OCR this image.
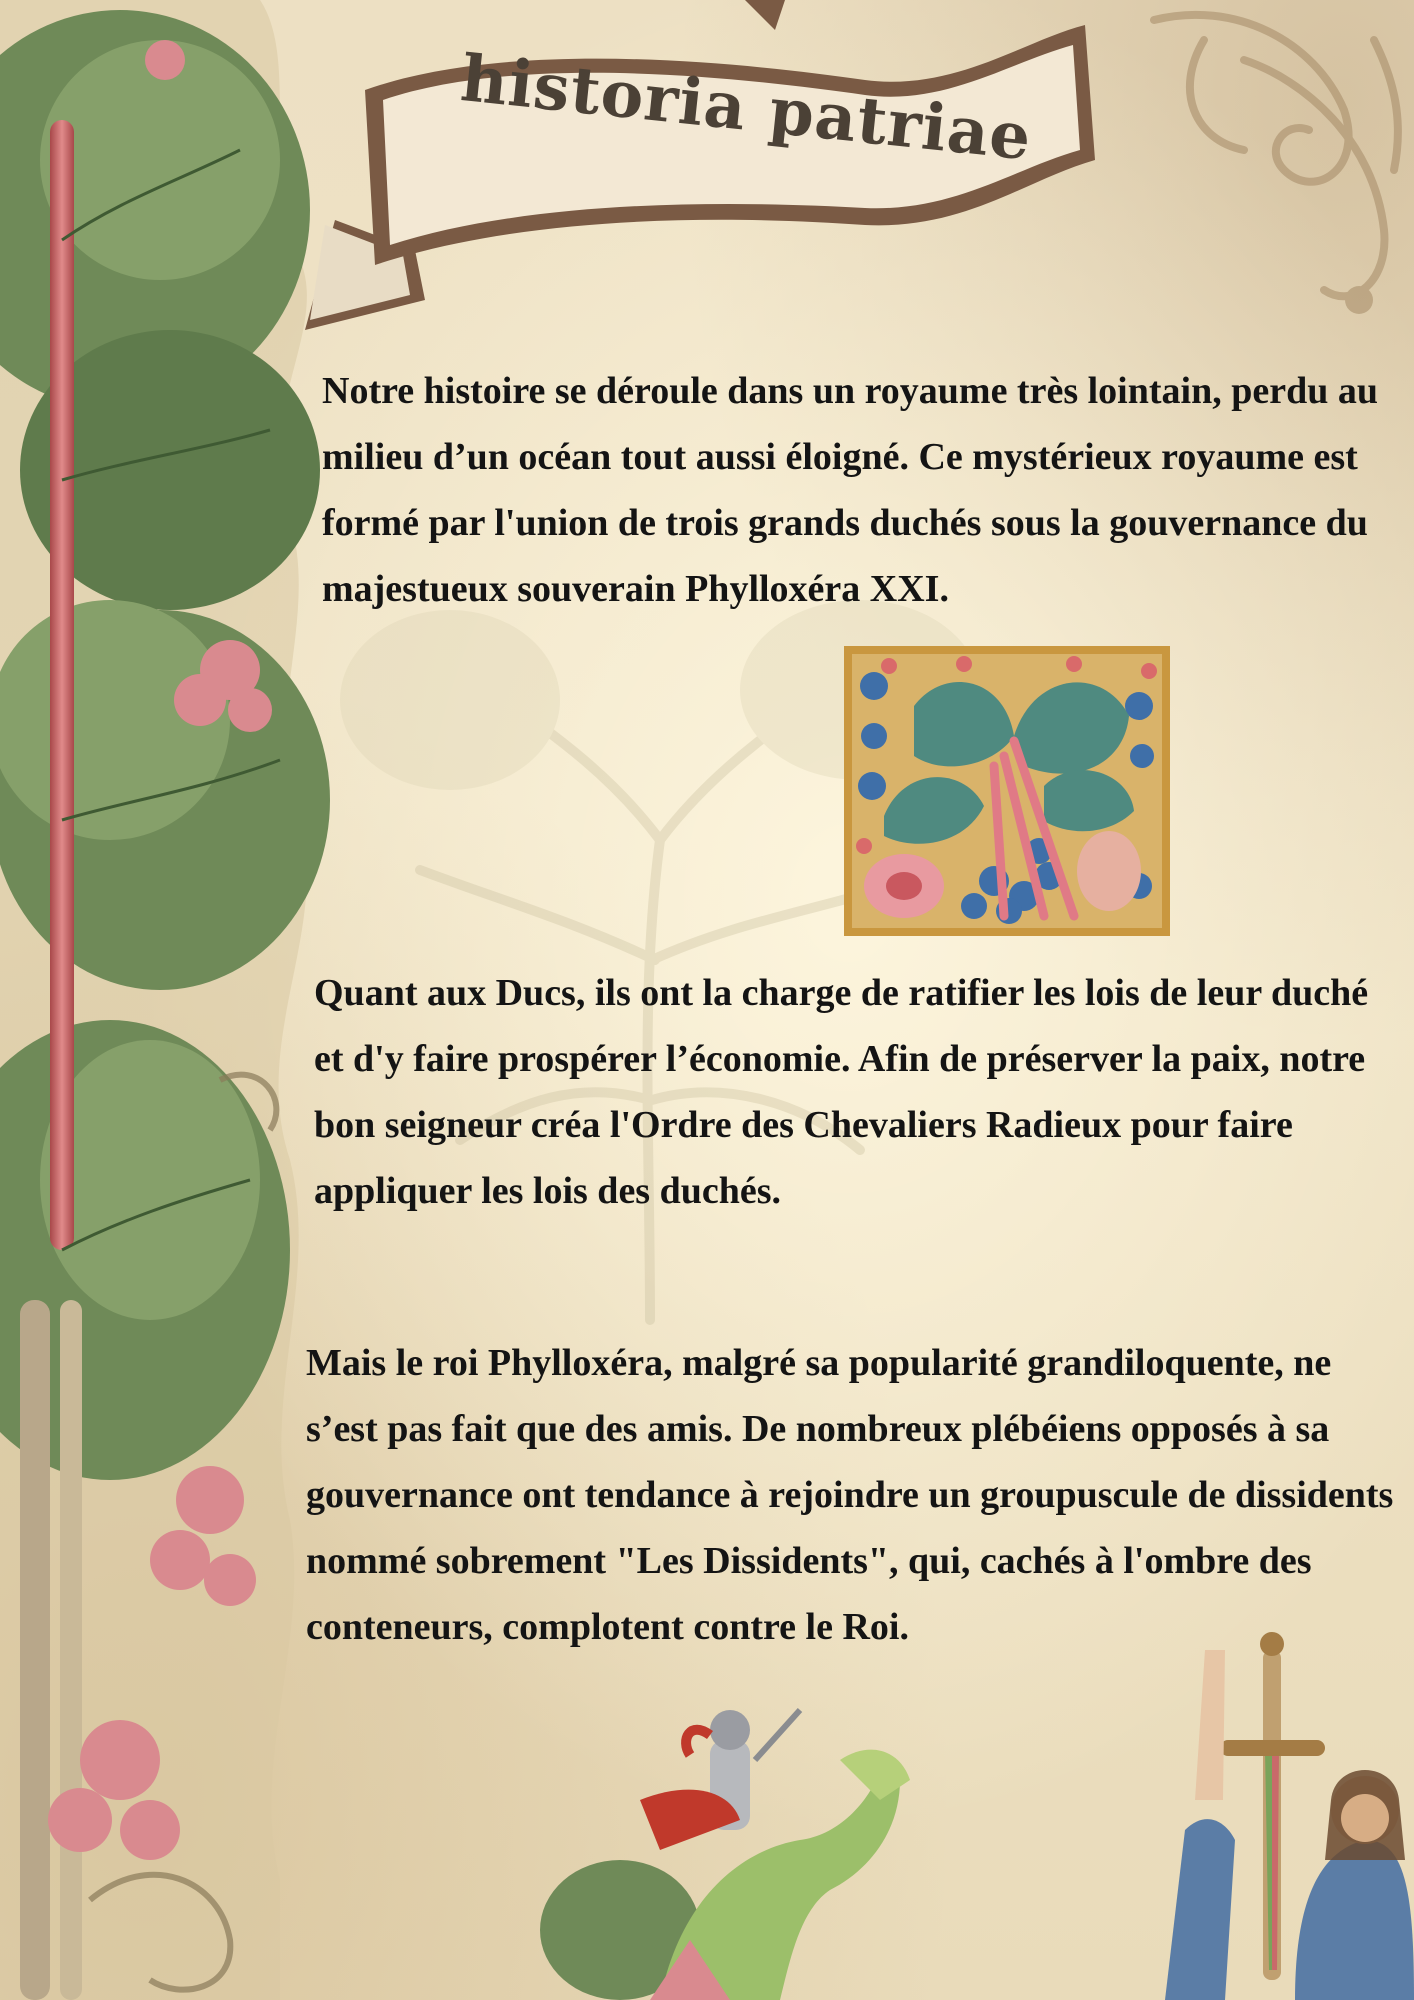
historia patriae

Notre histoire se déroule dans un royaume très lointain, perdu au milieu d’un océan tout aussi éloigné. Ce mystérieux royaume est formé par l'union de trois grands duchés sous la gouvernance du majestueux souverain Phylloxéra XXI.

Quant aux Ducs, ils ont la charge de ratifier les lois de leur duché et d'y faire prospérer l’économie. Afin de préserver la paix, notre bon seigneur créa l'Ordre des Chevaliers Radieux pour faire appliquer les lois des duchés.

Mais le roi Phylloxéra, malgré sa popularité grandiloquente, ne s’est pas fait que des amis. De nombreux plébéiens opposés à sa gouvernance ont tendance à rejoindre un groupuscule de dissidents nommé sobrement "Les Dissidents", qui, cachés à l'ombre des conteneurs, complotent contre le Roi.
